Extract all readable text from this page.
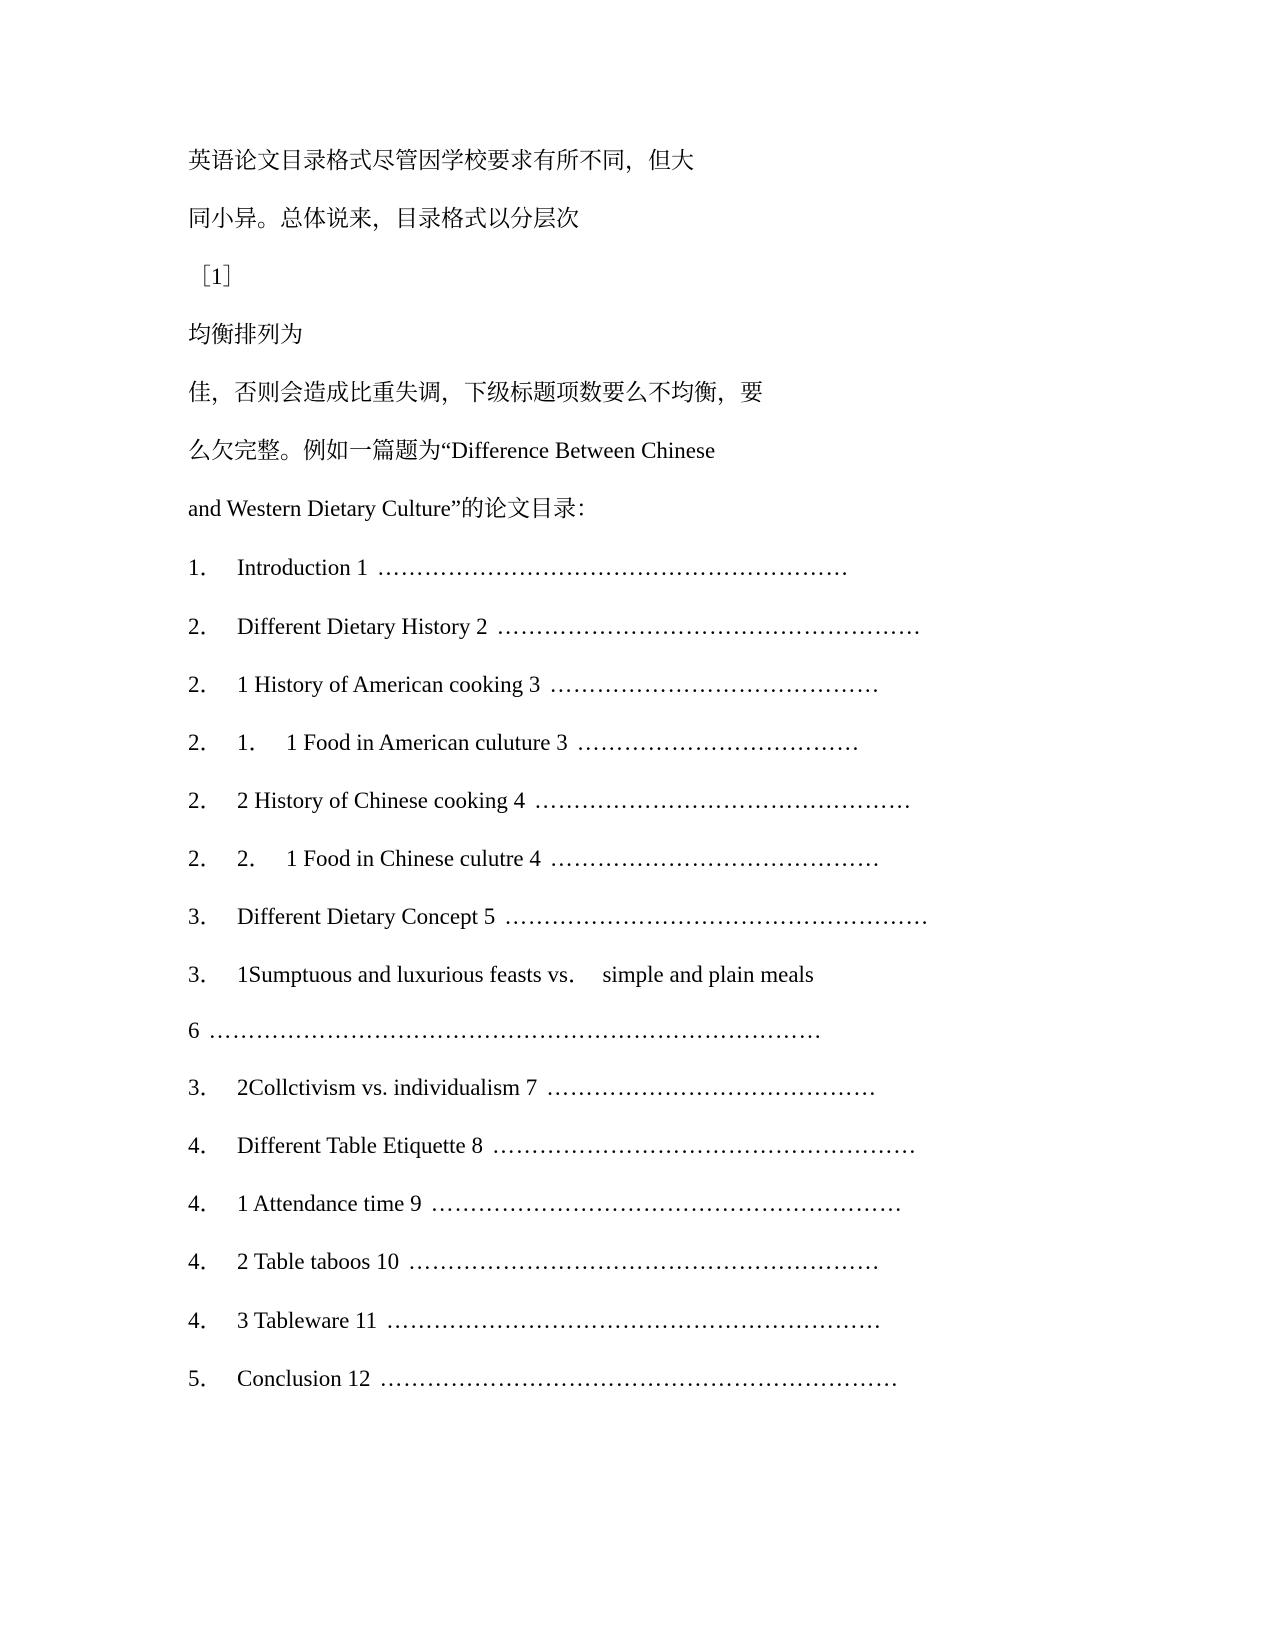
英语论文目录格式尽管因学校要求有所不同，但大
同小异。总体说来，目录格式以分层次
［1］
均衡排列为
佳，否则会造成比重失调，下级标题项数要么不均衡，要
么欠完整。例如一篇题为“Difference Between Chinese
and Western Dietary Culture”的论文目录：
1． Introduction 1 ……………………………………………………
2． Different Dietary History 2 ………………………………………………
2． 1 History of American cooking 3 ……………………………………
2． 1． 1 Food in American culuture 3 ………………………………
2． 2 History of Chinese cooking 4 …………………………………………
2． 2． 1 Food in Chinese culutre 4 ……………………………………
3． Different Dietary Concept 5 ………………………………………………
3． 1Sumptuous and luxurious feasts vs．  simple and plain meals
6 ……………………………………………………………………
3． 2Collctivism vs. individualism 7 ……………………………………
4． Different Table Etiquette 8 ………………………………………………
4． 1 Attendance time 9 ……………………………………………………
4． 2 Table taboos 10 ……………………………………………………
4． 3 Tableware 11 ………………………………………………………
5． Conclusion 12 …………………………………………………………
